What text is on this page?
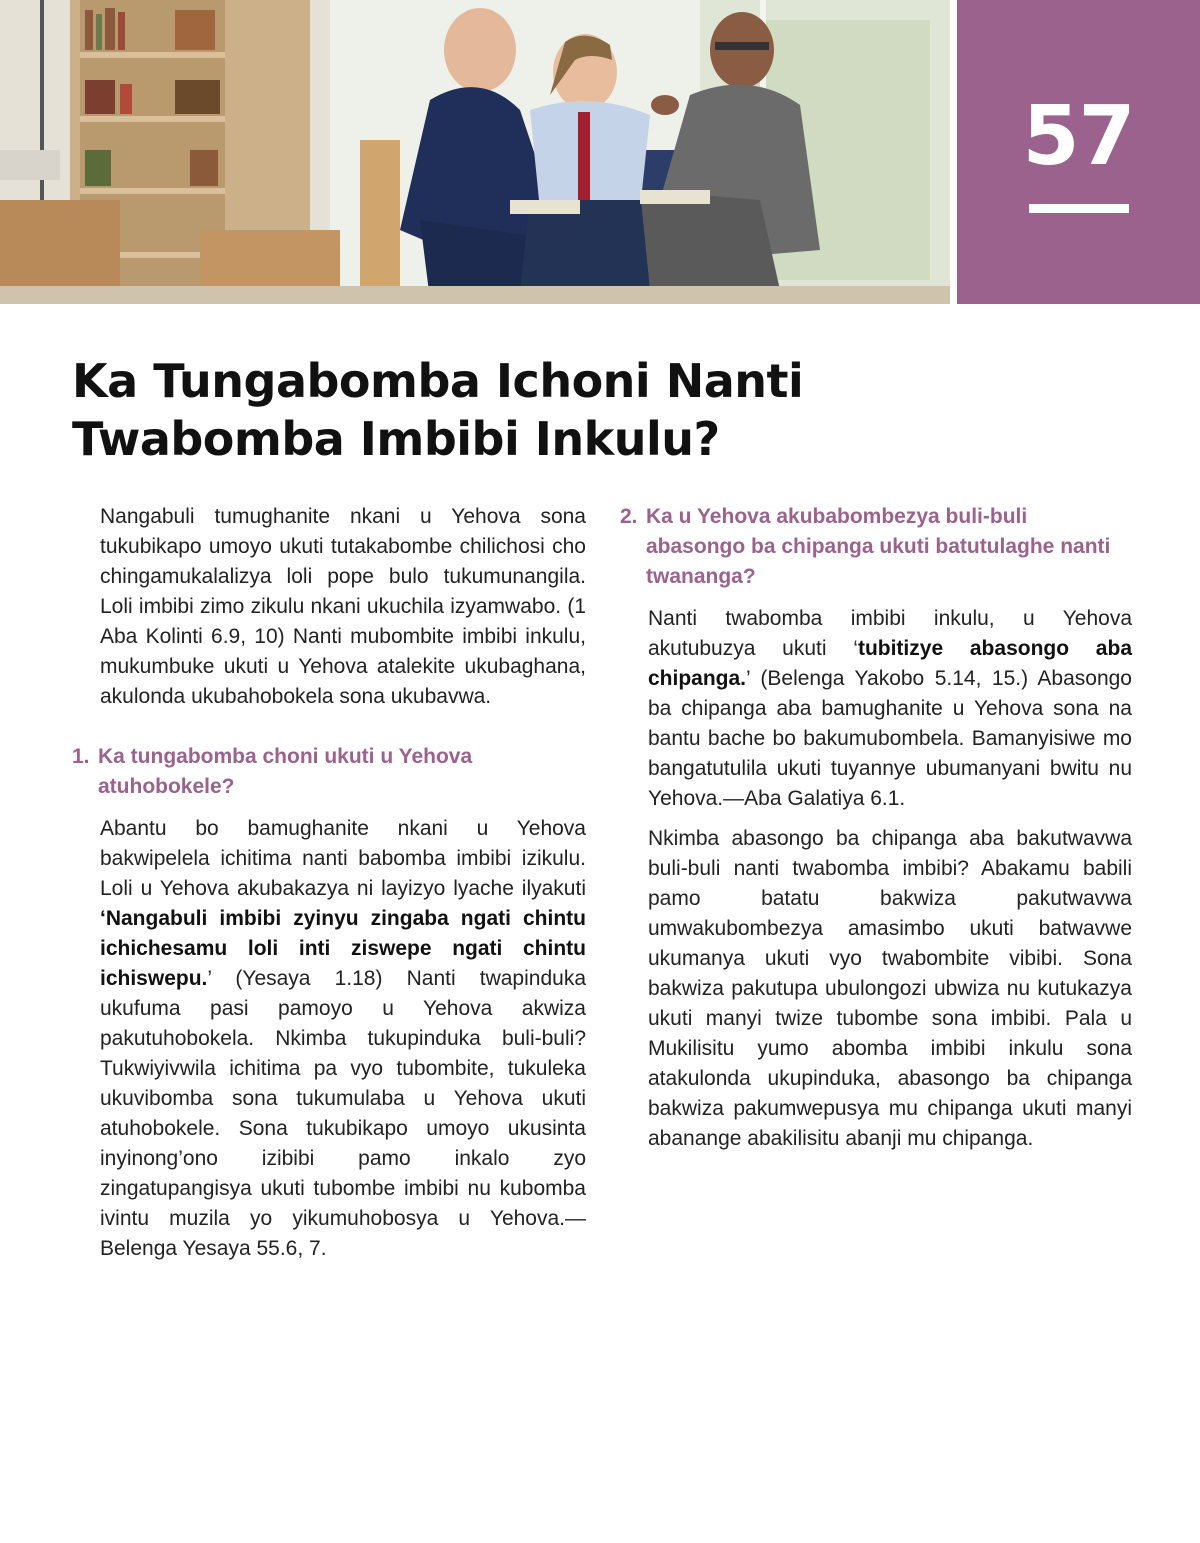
57
Ka Tungabomba Ichoni Nanti
Twabomba Imbibi Inkulu?

Nangabuli tumughanite nkani u Yehova sona tukubikapo umoyo ukuti tutakabombe chilichosi cho chingamukalalizya loli pope bulo tukumunangila. Loli imbibi zimo zikulu nkani ukuchila izyamwabo. (1 Aba Kolinti 6.9, 10) Nanti mubombite imbibi inkulu, mukumbuke ukuti u Yehova atalekite ukubaghana, akulonda ukubahobokela sona ukubavwa.

1. Ka tungabomba choni ukuti u Yehova atuhobokele?

Abantu bo bamughanite nkani u Yehova bakwipelela ichitima nanti babomba imbibi izikulu. Loli u Yehova akubakazya ni layizyo lyache ilyakuti ‘Nangabuli imbibi zyinyu zingaba ngati chintu ichichesamu loli inti ziswepe ngati chintu ichiswepu.’ (Yesaya 1.18) Nanti twapinduka ukufuma pasi pamoyo u Yehova akwiza pakutuhobokela. Nkimba tukupinduka buli-buli? Tukwiyivwila ichitima pa vyo tubombite, tukuleka ukuvibomba sona tukumulaba u Yehova ukuti atuhobokele. Sona tukubikapo umoyo ukusinta inyinong’ono izibibi pamo inkalo zyo zingatupangisya ukuti tubombe imbibi nu kubomba ivintu muzila yo yikumuhobosya u Yehova.—Belenga Yesaya 55.6, 7.

2. Ka u Yehova akubabombezya buli-buli abasongo ba chipanga ukuti batutulaghe nanti twananga?

Nanti twabomba imbibi inkulu, u Yehova akutubuzya ukuti ‘tubitizye abasongo aba chipanga.’ (Belenga Yakobo 5.14, 15.) Abasongo ba chipanga aba bamughanite u Yehova sona na bantu bache bo bakumubombela. Bamanyisiwe mo bangatutulila ukuti tuyannye ubumanyani bwitu nu Yehova.—Aba Galatiya 6.1.

Nkimba abasongo ba chipanga aba bakutwavwa buli-buli nanti twabomba imbibi? Abakamu babili pamo batatu bakwiza pakutwavwa umwakubombezya amasimbo ukuti batwavwe ukumanya ukuti vyo twabombite vibibi. Sona bakwiza pakutupa ubulongozi ubwiza nu kutukazya ukuti manyi twize tubombe sona imbibi. Pala u Mukilisitu yumo abomba imbibi inkulu sona atakulonda ukupinduka, abasongo ba chipanga bakwiza pakumwepusya mu chipanga ukuti manyi abanange abakilisitu abanji mu chipanga.
